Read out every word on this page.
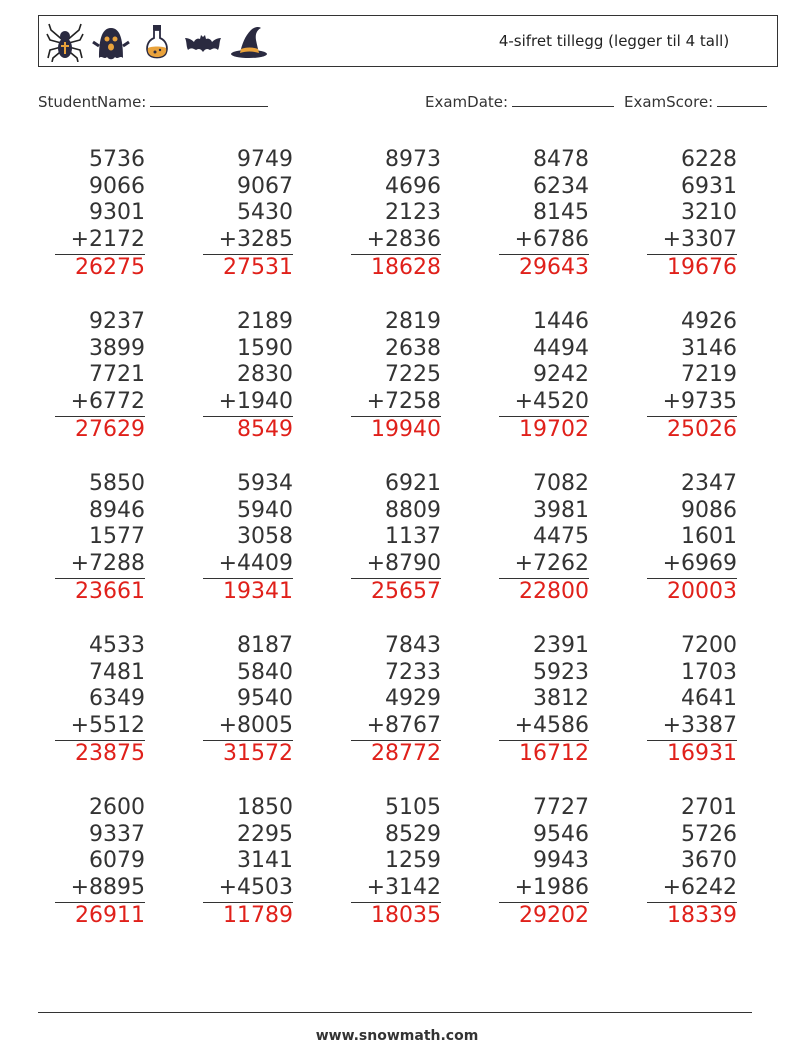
4-sifret tillegg (legger til 4 tall)
StudentName:	ExamDate:	ExamScore:
5736
9066
9301
+2172
26275
9749
9067
5430
+3285
27531
8973
4696
2123
+2836
18628
8478
6234
8145
+6786
29643
6228
6931
3210
+3307
19676
9237
3899
7721
+6772
27629
2189
1590
2830
+1940
8549
2819
2638
7225
+7258
19940
1446
4494
9242
+4520
19702
4926
3146
7219
+9735
25026
5850
8946
1577
+7288
23661
5934
5940
3058
+4409
19341
6921
8809
1137
+8790
25657
7082
3981
4475
+7262
22800
2347
9086
1601
+6969
20003
4533
7481
6349
+5512
23875
8187
5840
9540
+8005
31572
7843
7233
4929
+8767
28772
2391
5923
3812
+4586
16712
7200
1703
4641
+3387
16931
2600
9337
6079
+8895
26911
1850
2295
3141
+4503
11789
5105
8529
1259
+3142
18035
7727
9546
9943
+1986
29202
2701
5726
3670
+6242
18339
www.snowmath.com
